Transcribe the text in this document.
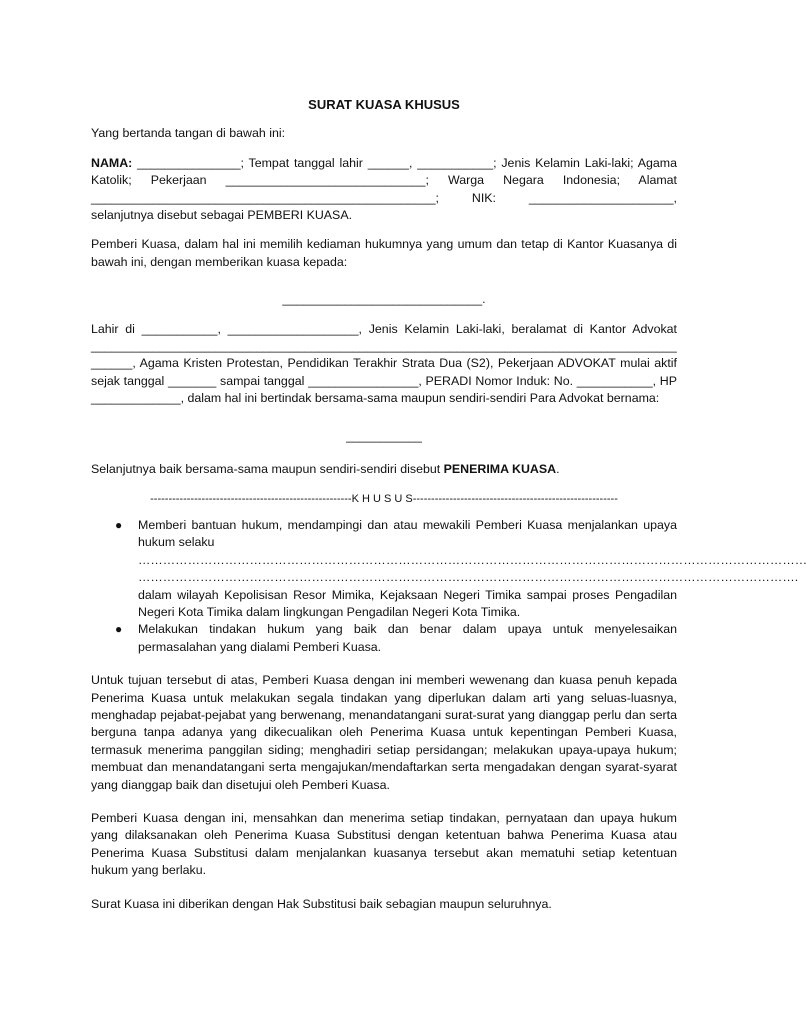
SURAT KUASA KHUSUS

Yang bertanda tangan di bawah ini:

NAMA: _______________; Tempat tanggal lahir ______, ___________; Jenis Kelamin Laki-laki; Agama Katolik; Pekerjaan _____________________________; Warga Negara Indonesia; Alamat __________________________________________________; NIK: _____________________, selanjutnya disebut sebagai PEMBERI KUASA.

Pemberi Kuasa, dalam hal ini memilih kediaman hukumnya yang umum dan tetap di Kantor Kuasanya di bawah ini, dengan memberikan kuasa kepada:

_____________________________.

Lahir di ___________, ___________________, Jenis Kelamin Laki-laki, beralamat di Kantor Advokat _____________________________________________________________________________________ ______, Agama Kristen Protestan, Pendidikan Terakhir Strata Dua (S2), Pekerjaan ADVOKAT mulai aktif sejak tanggal _______ sampai tanggal ________________, PERADI Nomor Induk: No. ___________, HP _____________, dalam hal ini bertindak bersama-sama maupun sendiri-sendiri Para Advokat bernama:

___________

Selanjutnya baik bersama-sama maupun sendiri-sendiri disebut PENERIMA KUASA.

-------------------------------------------------------K H U S U S--------------------------------------------------------

● Memberi bantuan hukum, mendampingi dan atau mewakili Pemberi Kuasa menjalankan upaya hukum selaku

………………………………………………………………………………………………………………………………………………

…………………………………………………………………………………………………………………………………………….

dalam wilayah Kepolisisan Resor Mimika, Kejaksaan Negeri Timika sampai proses Pengadilan Negeri Kota Timika dalam lingkungan Pengadilan Negeri Kota Timika.

● Melakukan tindakan hukum yang baik dan benar dalam upaya untuk menyelesaikan permasalahan yang dialami Pemberi Kuasa.

Untuk tujuan tersebut di atas, Pemberi Kuasa dengan ini memberi wewenang dan kuasa penuh kepada Penerima Kuasa untuk melakukan segala tindakan yang diperlukan dalam arti yang seluas-luasnya, menghadap pejabat-pejabat yang berwenang, menandatangani surat-surat yang dianggap perlu dan serta berguna tanpa adanya yang dikecualikan oleh Penerima Kuasa untuk kepentingan Pemberi Kuasa, termasuk menerima panggilan siding; menghadiri setiap persidangan; melakukan upaya-upaya hukum; membuat dan menandatangani serta mengajukan/mendaftarkan serta mengadakan dengan syarat-syarat yang dianggap baik dan disetujui oleh Pemberi Kuasa.

Pemberi Kuasa dengan ini, mensahkan dan menerima setiap tindakan, pernyataan dan upaya hukum yang dilaksanakan oleh Penerima Kuasa Substitusi dengan ketentuan bahwa Penerima Kuasa atau Penerima Kuasa Substitusi dalam menjalankan kuasanya tersebut akan mematuhi setiap ketentuan hukum yang berlaku.

Surat Kuasa ini diberikan dengan Hak Substitusi baik sebagian maupun seluruhnya.
